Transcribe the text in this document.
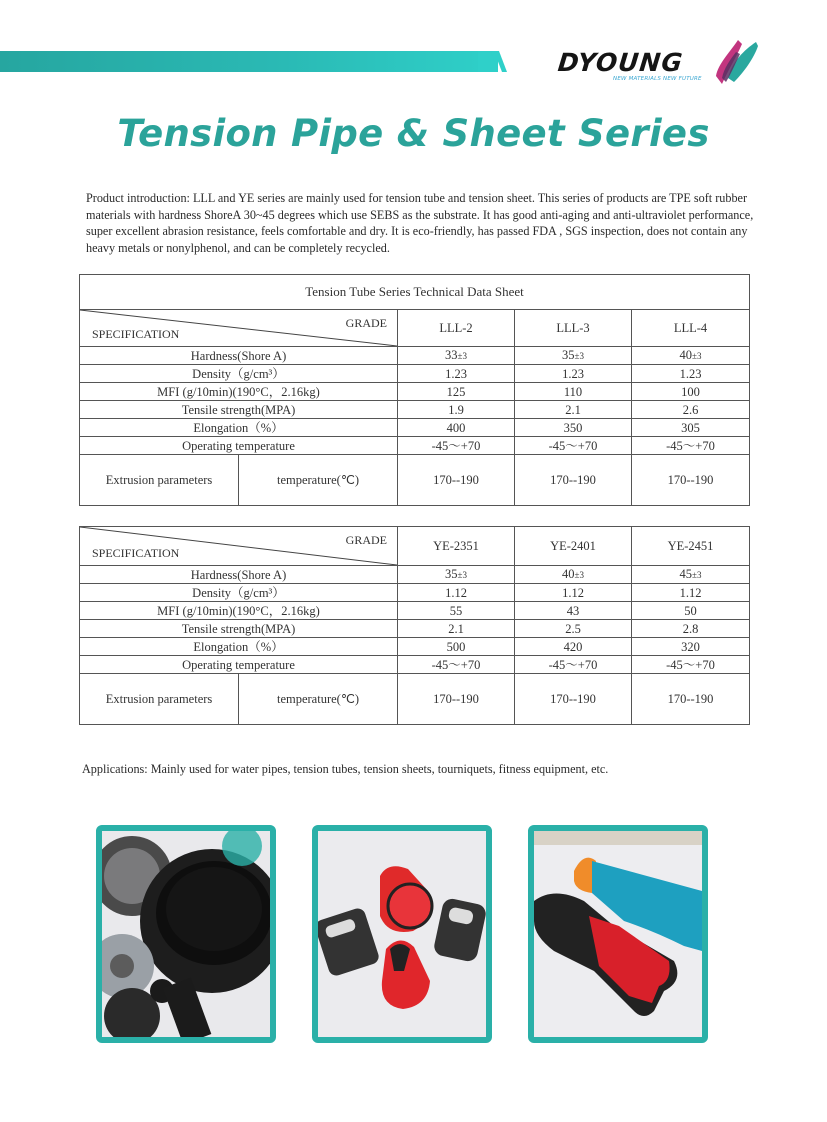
DYOUNG
NEW MATERIALS NEW FUTURE
Tension Pipe & Sheet Series
Product introduction: LLL and YE series are mainly used for tension tube and tension sheet. This series of products are TPE soft rubber materials with hardness ShoreA 30~45 degrees which use SEBS as the substrate. It has good anti-aging and anti-ultraviolet performance, super excellent abrasion resistance, feels comfortable and dry. It is eco-friendly, has passed FDA , SGS inspection, does not contain any heavy metals or nonylphenol, and can be completely recycled.
Tension Tube Series Technical Data Sheet				

GRADE
SPECIFICATION		LLL-2	LLL-3	LLL-4
Hardness(Shore A)		33±3	35±3	40±3
Density（g/cm³）		1.23	1.23	1.23
MFI (g/10min)(190°C，2.16kg)		125	110	100
Tensile strength(MPA)		1.9	2.1	2.6
Elongation（%）		400	350	305
Operating temperature		-45～+70	-45～+70	-45～+70
Extrusion parameters	temperature(℃)	170--190	170--190	170--190
GRADE
SPECIFICATION		YE-2351	YE-2401	YE-2451
Hardness(Shore A)		35±3	40±3	45±3
Density（g/cm³）		1.12	1.12	1.12
MFI (g/10min)(190°C，2.16kg)		55	43	50
Tensile strength(MPA)		2.1	2.5	2.8
Elongation（%）		500	420	320
Operating temperature		-45～+70	-45～+70	-45～+70
Extrusion parameters	temperature(℃)	170--190	170--190	170--190
Applications: Mainly used for water pipes, tension tubes, tension sheets, tourniquets, fitness equipment, etc.
